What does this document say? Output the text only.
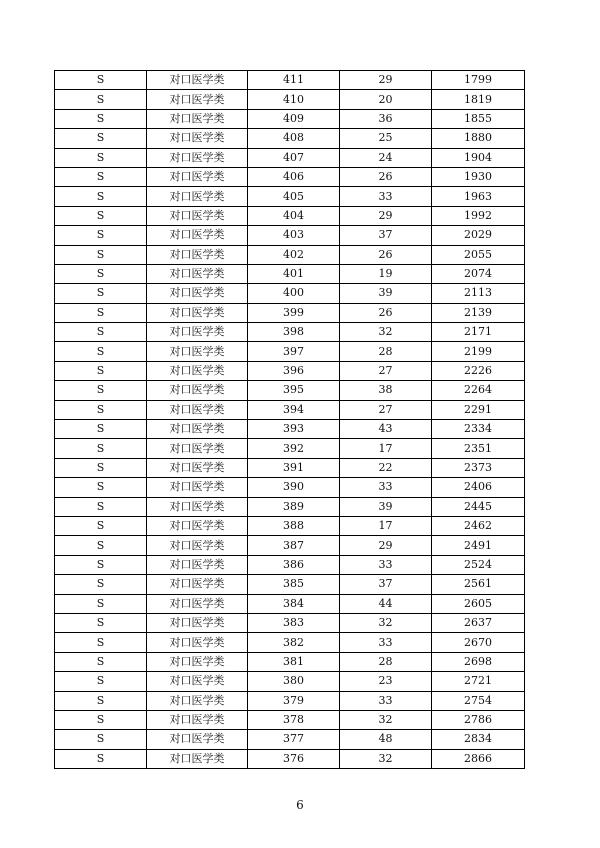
S	对口医学类	411	29	1799
S	对口医学类	410	20	1819
S	对口医学类	409	36	1855
S	对口医学类	408	25	1880
S	对口医学类	407	24	1904
S	对口医学类	406	26	1930
S	对口医学类	405	33	1963
S	对口医学类	404	29	1992
S	对口医学类	403	37	2029
S	对口医学类	402	26	2055
S	对口医学类	401	19	2074
S	对口医学类	400	39	2113
S	对口医学类	399	26	2139
S	对口医学类	398	32	2171
S	对口医学类	397	28	2199
S	对口医学类	396	27	2226
S	对口医学类	395	38	2264
S	对口医学类	394	27	2291
S	对口医学类	393	43	2334
S	对口医学类	392	17	2351
S	对口医学类	391	22	2373
S	对口医学类	390	33	2406
S	对口医学类	389	39	2445
S	对口医学类	388	17	2462
S	对口医学类	387	29	2491
S	对口医学类	386	33	2524
S	对口医学类	385	37	2561
S	对口医学类	384	44	2605
S	对口医学类	383	32	2637
S	对口医学类	382	33	2670
S	对口医学类	381	28	2698
S	对口医学类	380	23	2721
S	对口医学类	379	33	2754
S	对口医学类	378	32	2786
S	对口医学类	377	48	2834
S	对口医学类	376	32	2866
6
